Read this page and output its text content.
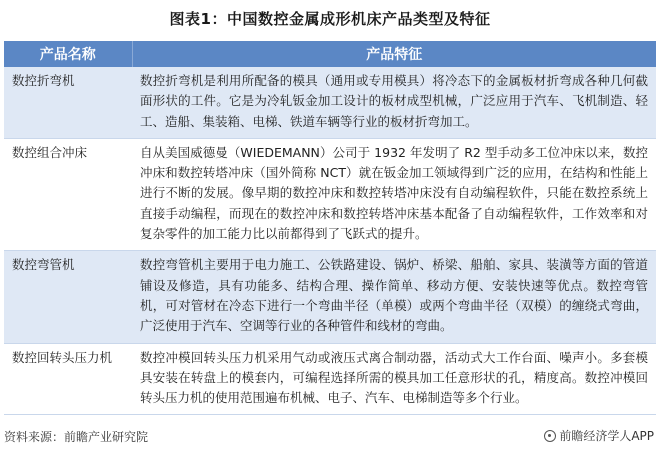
图表1：中国数控金属成形机床产品类型及特征
产品名称	产品特征
数控折弯机	数控折弯机是利用所配备的模具（通用或专用模具）将冷态下的金属板材折弯成各种几何截面形状的工件。它是为冷轧钣金加工设计的板材成型机械，广泛应用于汽车、飞机制造、轻工、造船、集装箱、电梯、铁道车辆等行业的板材折弯加工。
数控组合冲床	自从美国威德曼（WIEDEMANN）公司于 1932 年发明了 R2 型手动多工位冲床以来，数控冲床和数控转塔冲床（国外简称 NCT）就在钣金加工领域得到广泛的应用，在结构和性能上进行不断的发展。像早期的数控冲床和数控转塔冲床没有自动编程软件，只能在数控系统上直接手动编程，而现在的数控冲床和数控转塔冲床基本配备了自动编程软件，工作效率和对复杂零件的加工能力比以前都得到了飞跃式的提升。
数控弯管机	数控弯管机主要用于电力施工、公铁路建设、锅炉、桥梁、船舶、家具、装潢等方面的管道铺设及修造，具有功能多、结构合理、操作简单、移动方便、安装快速等优点。数控弯管机，可对管材在冷态下进行一个弯曲半径（单模）或两个弯曲半径（双模）的缠绕式弯曲，广泛使用于汽车、空调等行业的各种管件和线材的弯曲。
数控回转头压力机	数控冲模回转头压力机采用气动或液压式离合制动器，活动式大工作台面、噪声小。多套模具安装在转盘上的模套内，可编程选择所需的模具加工任意形状的孔，精度高。数控冲模回转头压力机的使用范围遍布机械、电子、汽车、电梯制造等多个行业。
资料来源：前瞻产业研究院	前瞻经济学人APP
